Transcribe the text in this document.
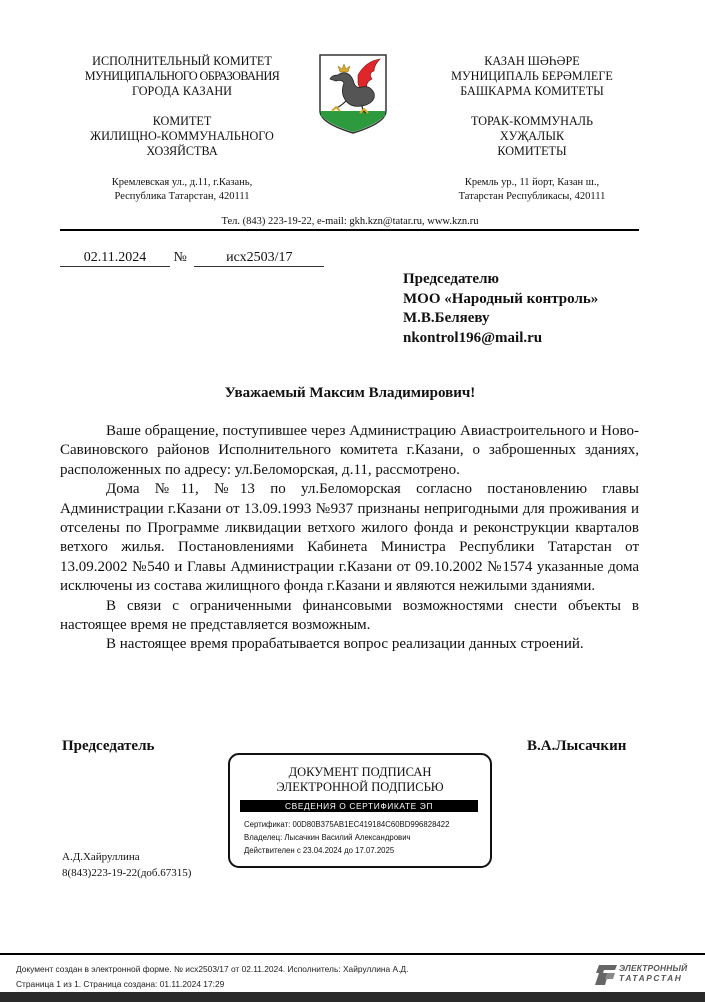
ИСПОЛНИТЕЛЬНЫЙ КОМИТЕТ
МУНИЦИПАЛЬНОГО ОБРАЗОВАНИЯ
ГОРОДА КАЗАНИ
КОМИТЕТ
ЖИЛИЩНО-КОММУНАЛЬНОГО
ХОЗЯЙСТВА
Кремлевская ул., д.11, г.Казань,
Республика Татарстан, 420111
КАЗАН ШӘҺӘРЕ
МУНИЦИПАЛЬ БЕРӘМЛЕГЕ
БАШКАРМА КОМИТЕТЫ
ТОРАК-КОММУНАЛЬ
ХУҖАЛЫК
КОМИТЕТЫ
Кремль ур., 11 йорт, Казан ш.,
Татарстан Республикасы, 420111
Тел. (843) 223-19-22, e-mail: gkh.kzn@tatar.ru, www.kzn.ru
02.11.2024 №	исх2503/17
Председателю
МОО «Народный контроль»
М.В.Беляеву
nkontrol196@mail.ru
Уважаемый Максим Владимирович!

Ваше обращение, поступившее через Администрацию Авиастроительного и Ново-Савиновского районов Исполнительного комитета г.Казани, о заброшенных зданиях, расположенных по адресу: ул.Беломорская, д.11, рассмотрено.

Дома №11, №13 по ул.Беломорская согласно постановлению главы Администрации г.Казани от 13.09.1993 №937 признаны непригодными для проживания и отселены по Программе ликвидации ветхого жилого фонда и реконструкции кварталов ветхого жилья. Постановлениями Кабинета Министра Республики Татарстан от 13.09.2002 №540 и Главы Администрации г.Казани от 09.10.2002 №1574 указанные дома исключены из состава жилищного фонда г.Казани и являются нежилыми зданиями.

В связи с ограниченными финансовыми возможностями снести объекты в настоящее время не представляется возможным.

В настоящее время прорабатывается вопрос реализации данных строений.

Председатель	В.А.Лысачкин
ДОКУМЕНТ ПОДПИСАН
ЭЛЕКТРОННОЙ ПОДПИСЬЮ
СВЕДЕНИЯ О СЕРТИФИКАТЕ ЭП
Сертификат: 00D80B375AB1EC419184C60BD996828422
Владелец: Лысачкин Василий Александрович
Действителен с 23.04.2024 до 17.07.2025
А.Д.Хайруллина
8(843)223-19-22(доб.67315)
Документ создан в электронной форме. № исх2503/17 от 02.11.2024. Исполнитель: Хайруллина А.Д.
Страница 1 из 1. Страница создана: 01.11.2024 17:29
ЭЛЕКТРОННЫЙ
ТАТАРСТАН
